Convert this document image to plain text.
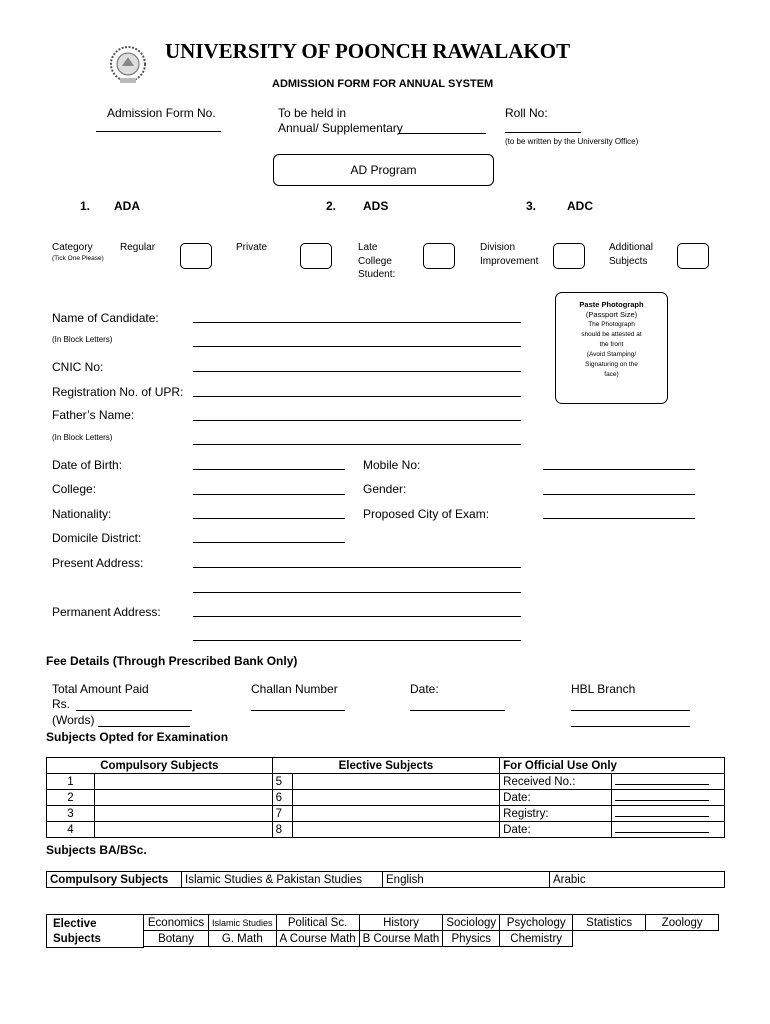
UNIVERSITY OF POONCH RAWALAKOT
ADMISSION FORM FOR ANNUAL SYSTEM
Admission Form No.	To be held in
Annual/ Supplementary
Roll No:
(to be written by the University Office)
AD Program
1. ADA	2. ADS	3.	ADC
Category
(Tick One Please)
Regular	Private	Late
College
Student:
Division
Improvement
Additional
Subjects
Paste Photograph
(Passport Size)
The Photograph
should be attested at
the front
(Avoid Stamping/
Signaturing on the
face)
Name of Candidate:
(In Block Letters)
CNIC No:
Registration No. of UPR:
Father’s Name:
(In Block Letters)
Date of Birth:
College:
Nationality:
Domicile District:
Mobile No:
Gender:
Proposed City of Exam:
Present Address:
Permanent Address:
Fee Details (Through Prescribed Bank Only)
Total Amount Paid
Rs.
(Words)
Challan Number	Date:	HBL Branch
Subjects Opted for Examination
Compulsory Subjects		Elective Subjects		For Official Use Only	
1		5		Received No.:	
2		6		Date:	
3		7		Registry:	
4		8		Date:	
Subjects BA/BSc.
Compulsory Subjects	Islamic Studies & Pakistan Studies	English	Arabic
Elective
Subjects
Economics	Islamic Studies	Political Sc.	History	Sociology	Psychology	Statistics	Zoology
Botany	G. Math	A Course Math	B Course Math	Physics	Chemistry		
